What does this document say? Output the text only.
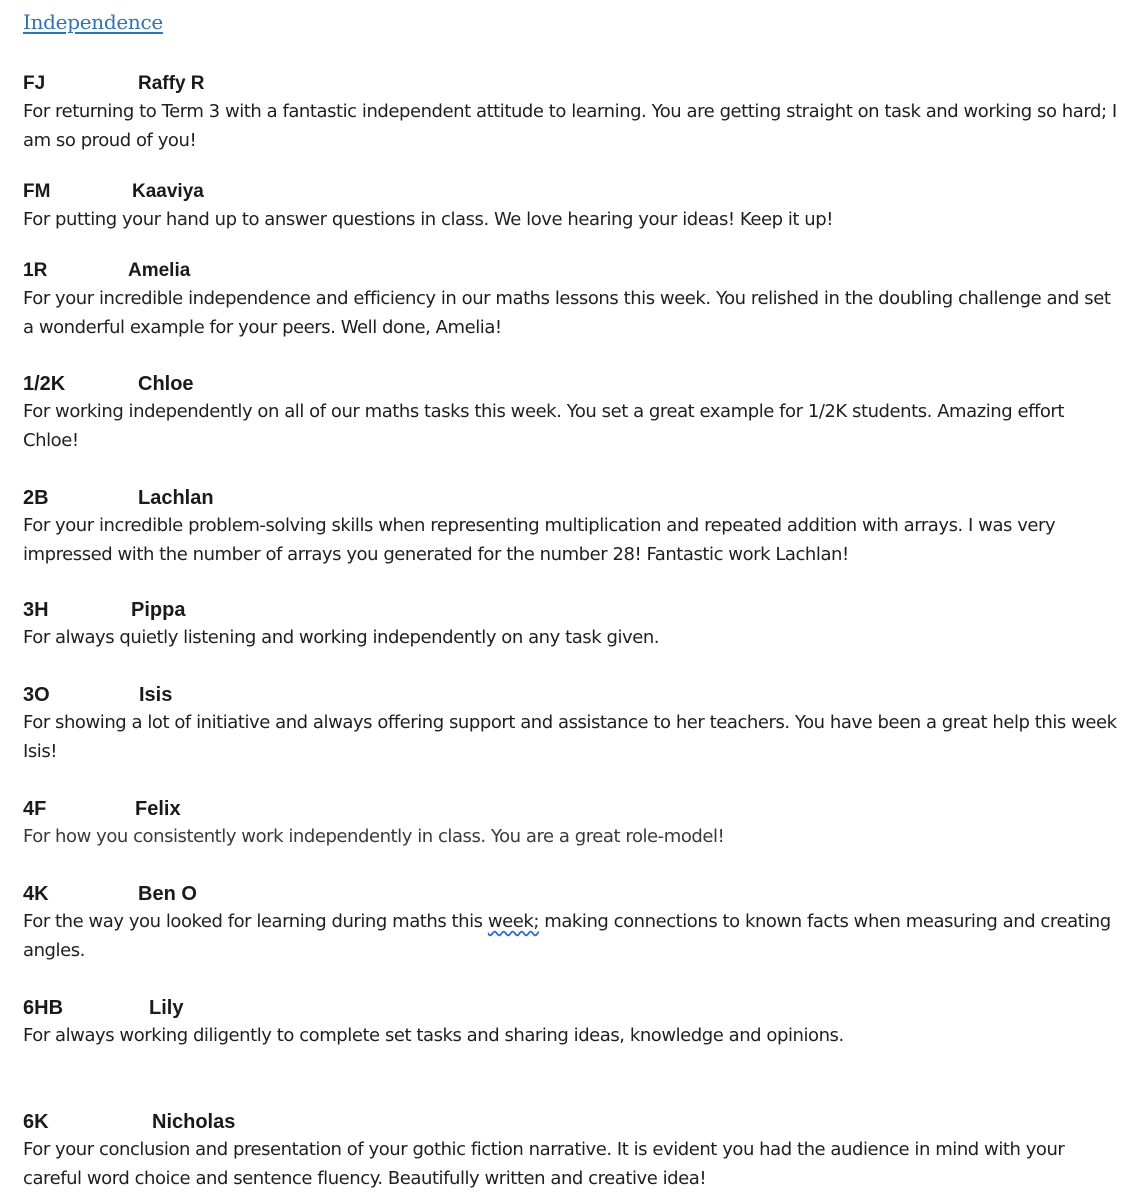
Independence
FJ	Raffy R
For returning to Term 3 with a fantastic independent attitude to learning. You are getting straight on task and working so hard; I am so proud of you!
FM	Kaaviya
For putting your hand up to answer questions in class. We love hearing your ideas! Keep it up!
1R	Amelia
For your incredible independence and efficiency in our maths lessons this week. You relished in the doubling challenge and set a wonderful example for your peers. Well done, Amelia!
1/2K	Chloe
For working independently on all of our maths tasks this week. You set a great example for 1/2K students. Amazing effort Chloe!
2B	Lachlan
For your incredible problem-solving skills when representing multiplication and repeated addition with arrays. I was very impressed with the number of arrays you generated for the number 28! Fantastic work Lachlan!
3H	Pippa
For always quietly listening and working independently on any task given.
3O	Isis
For showing a lot of initiative and always offering support and assistance to her teachers. You have been a great help this week Isis!
4F	Felix
For how you consistently work independently in class. You are a great role-model!
4K	Ben O
For the way you looked for learning during maths this week; making connections to known facts when measuring and creating angles.
6HB	Lily
For always working diligently to complete set tasks and sharing ideas, knowledge and opinions.
6K	Nicholas
For your conclusion and presentation of your gothic fiction narrative. It is evident you had the audience in mind with your careful word choice and sentence fluency. Beautifully written and creative idea!
